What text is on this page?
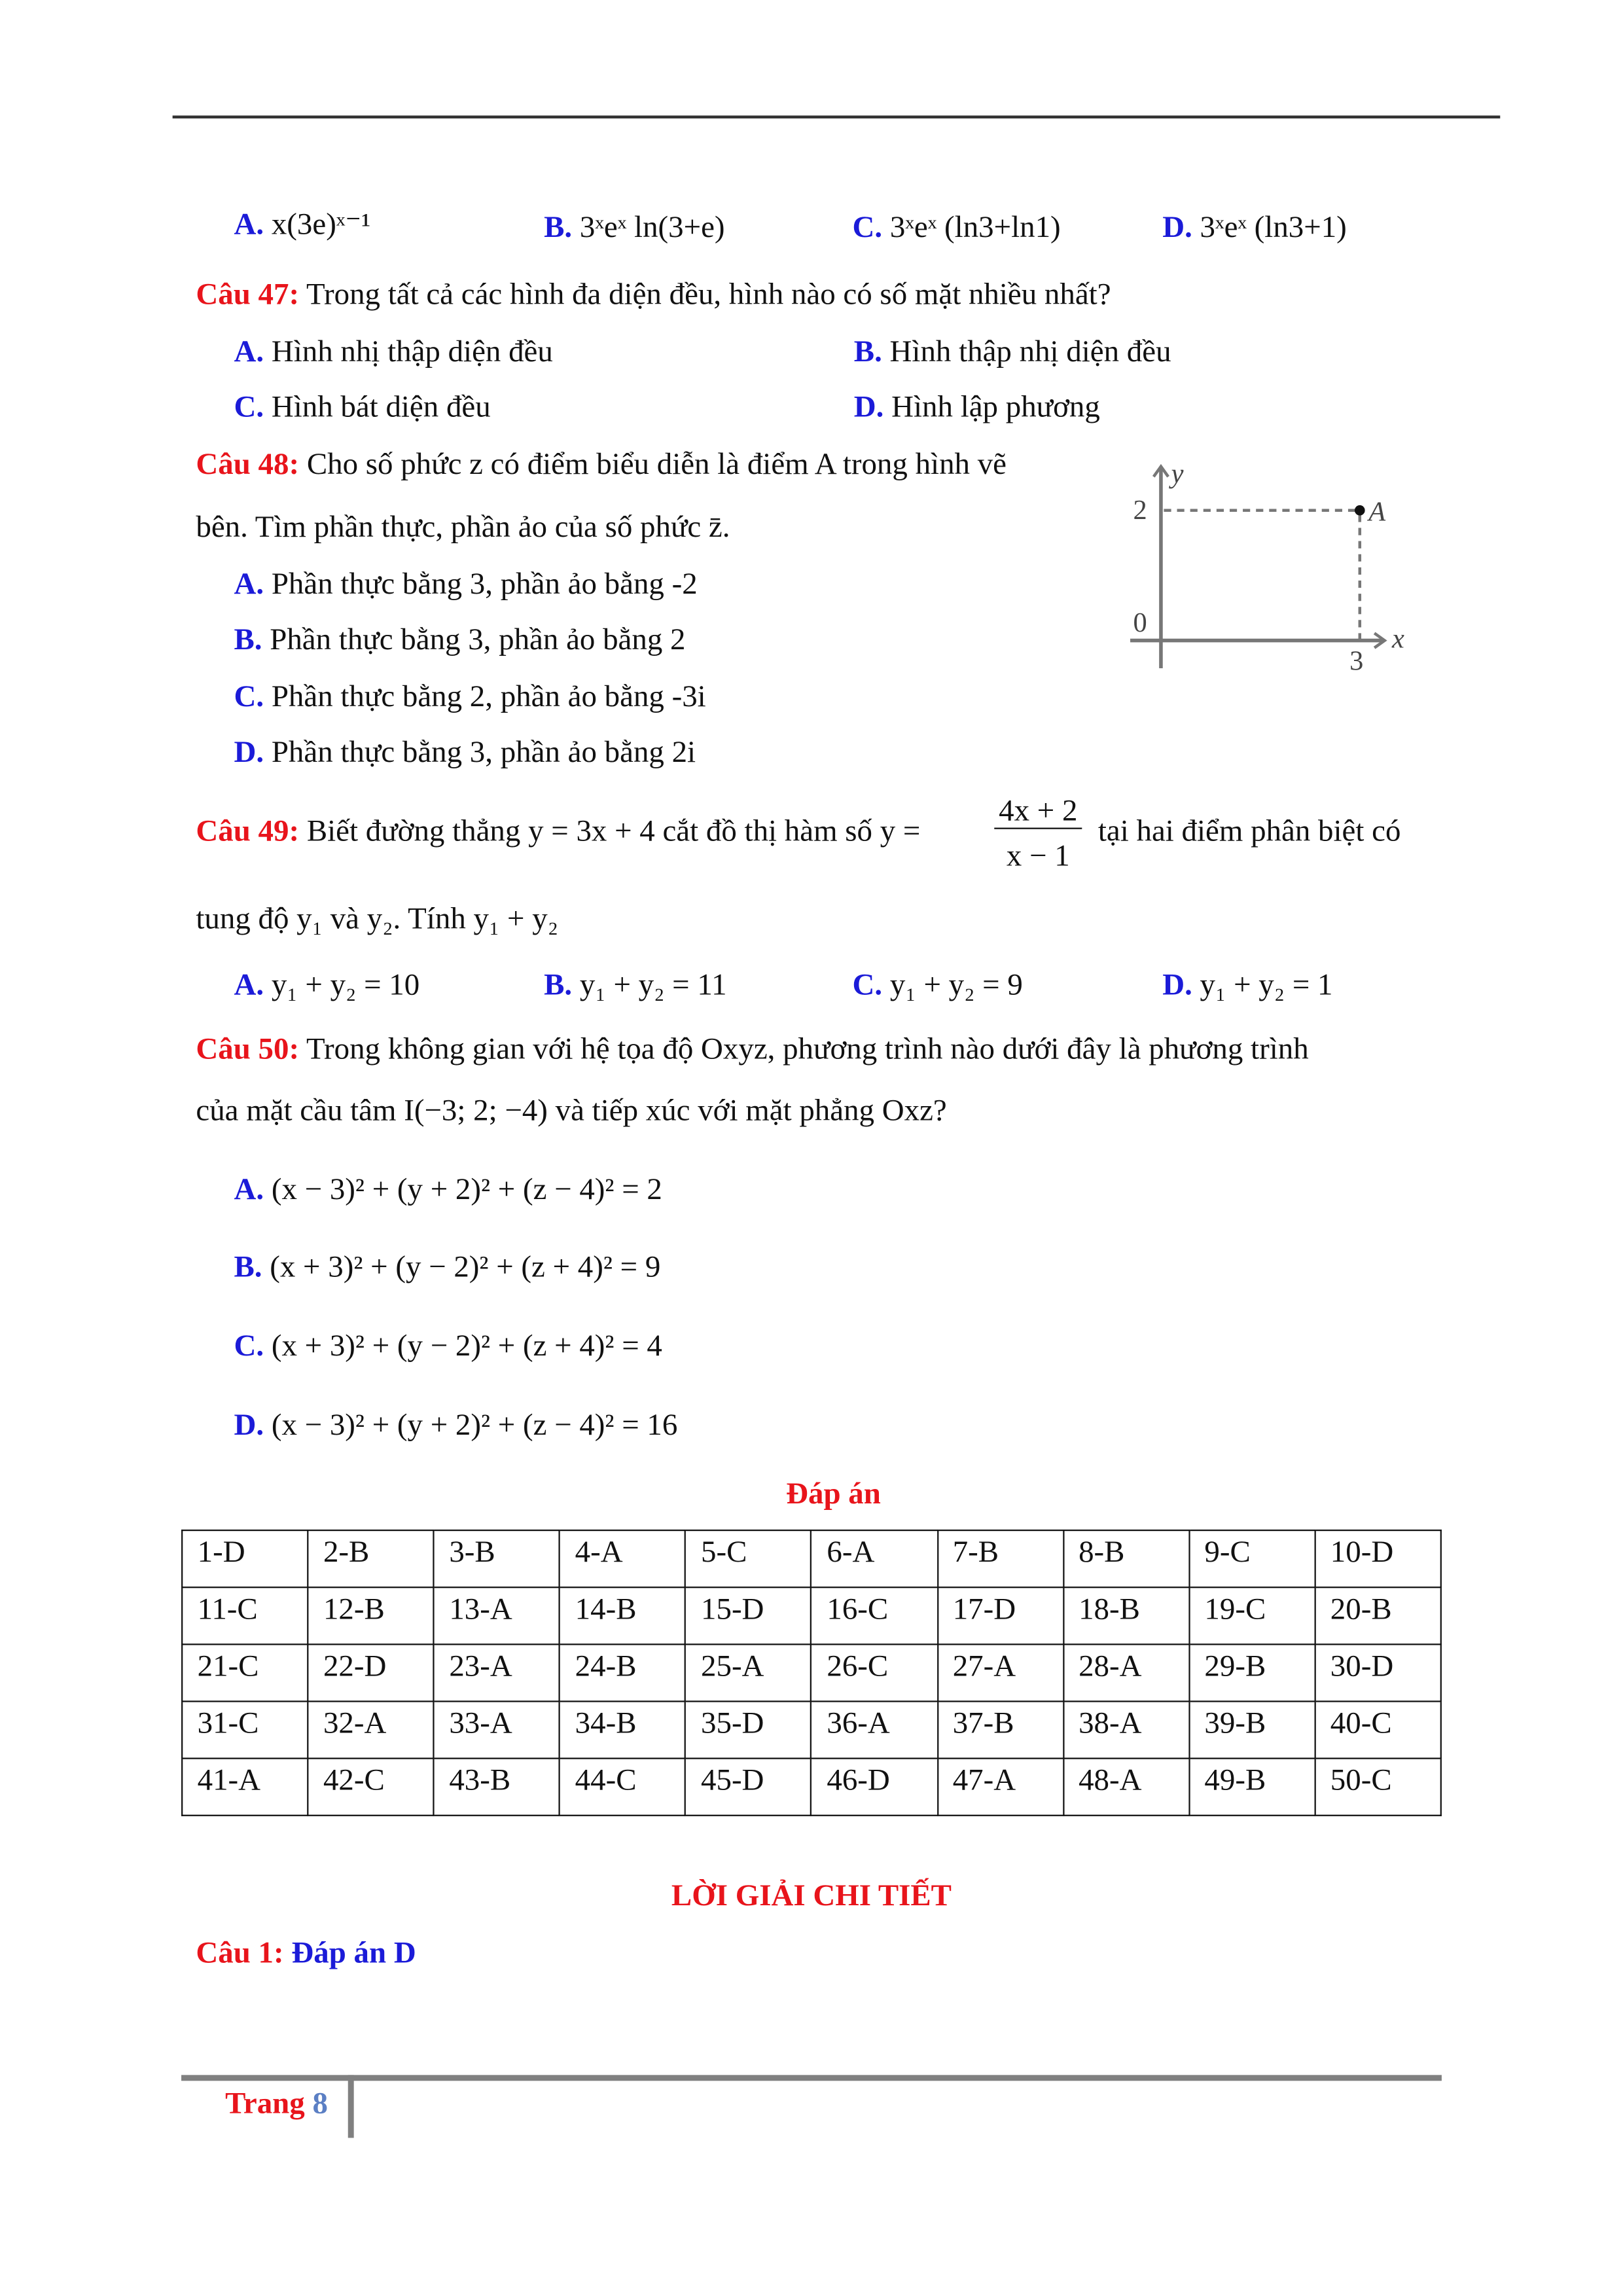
A. x(3e)ˣ⁻¹	B. 3ˣeˣ ln(3+e)	C. 3ˣeˣ (ln3+ln1)	D. 3ˣeˣ (ln3+1)
Câu 47: Trong tất cả các hình đa diện đều, hình nào có số mặt nhiều nhất?
A. Hình nhị thập diện đều	B. Hình thập nhị diện đều
C. Hình bát diện đều	D. Hình lập phương
Câu 48: Cho số phức z có điểm biểu diễn là điểm A trong hình vẽ
bên. Tìm phần thực, phần ảo của số phức z̄.
A. Phần thực bằng 3, phần ảo bằng -2
B. Phần thực bằng 3, phần ảo bằng 2
C. Phần thực bằng 2, phần ảo bằng -3i
D. Phần thực bằng 3, phần ảo bằng 2i
y
x
2
0
3
A
Câu 49: Biết đường thẳng y = 3x + 4 cắt đồ thị hàm số y =
4x + 2
x − 1
tại hai điểm phân biệt có
tung độ y₁ và y₂. Tính y₁ + y₂
A. y₁ + y₂ = 10	B. y₁ + y₂ = 11	C. y₁ + y₂ = 9	D. y₁ + y₂ = 1
Câu 50: Trong không gian với hệ tọa độ Oxyz, phương trình nào dưới đây là phương trình
của mặt cầu tâm I(−3; 2; −4) và tiếp xúc với mặt phẳng Oxz?
A. (x − 3)² + (y + 2)² + (z − 4)² = 2
B. (x + 3)² + (y − 2)² + (z + 4)² = 9
C. (x + 3)² + (y − 2)² + (z + 4)² = 4
D. (x − 3)² + (y + 2)² + (z − 4)² = 16
Đáp án
1-D	2-B	3-B	4-A	5-C	6-A	7-B	8-B	9-C	10-D
11-C	12-B	13-A	14-B	15-D	16-C	17-D	18-B	19-C	20-B
21-C	22-D	23-A	24-B	25-A	26-C	27-A	28-A	29-B	30-D
31-C	32-A	33-A	34-B	35-D	36-A	37-B	38-A	39-B	40-C
41-A	42-C	43-B	44-C	45-D	46-D	47-A	48-A	49-B	50-C
LỜI GIẢI CHI TIẾT
Câu 1: Đáp án D
Trang 8
